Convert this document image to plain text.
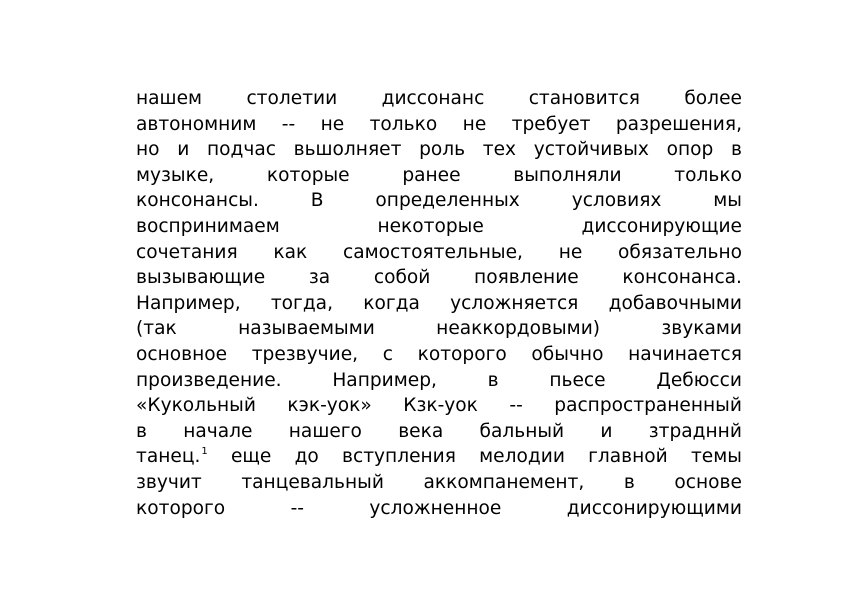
нашем столетии диссонанс становится более
автономним -- не только не требует разрешения,
но и подчас вьшолняет роль тех устойчивых опор в
музыке,	которые	ранее	выполняли	только
консонансы.	В	определенных	условиях	мы
воспринимаем	некоторые	диссонирующие
сочетания как самостоятельные, не обязательно
вызывающие за собой появление консонанса.
Например, тогда, когда усложняется добавочными
(так	называемыми	неаккордовыми)	звуками
основное трезвучие, с которого обычно начинается
произведение.	Например,	в	пьесе	Дебюсси
«Кукольный кэк-уок» Кзк-уок -- распространенный
в начале нашего века бальный и зтрадннй
танец.$^1$ еще до вступления мелодии главной темы
звучит танцевальный аккомпанемент, в основе
которого	--	усложненное	диссонирующими
